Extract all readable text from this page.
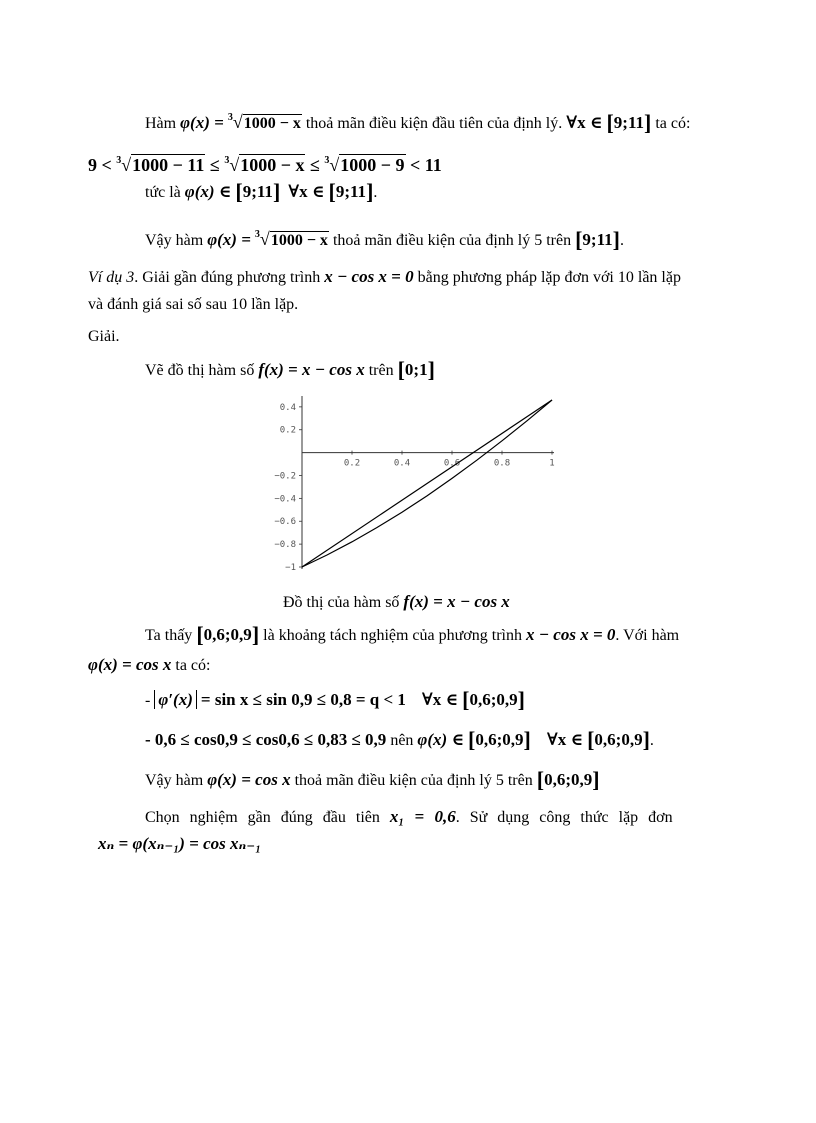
Hàm φ(x) = $^3$√1000 − x thoả mãn điều kiện đầu tiên của định lý. ∀x ∈ [9;11] ta có:
9 < $^3$√1000 − 11 ≤ $^3$√1000 − x ≤ $^3$√1000 − 9 < 11
tức là φ(x) ∈ [9;11] ∀x ∈ [9;11].
Vậy hàm φ(x) = $^3$√1000 − x thoả mãn điều kiện của định lý 5 trên [9;11].
Ví dụ 3. Giải gần đúng phương trình x − cos x = 0 bằng phương pháp lặp đơn với 10 lần lặp
và đánh giá sai số sau 10 lần lặp.
Giải.
Vẽ đồ thị hàm số f(x) = x − cos x trên [0;1]
0.2	0.4	0.6	0.8	1
0.4
0.2
−0.2
−0.4
−0.6
−0.8
−1
Đồ thị của hàm số f(x) = x − cos x
Ta thấy [0,6;0,9] là khoảng tách nghiệm của phương trình x − cos x = 0. Với hàm
φ(x) = cos x ta có:
- φ′(x) = sin x ≤ sin 0,9 ≤ 0,8 = q < 1 ∀x ∈ [0,6;0,9]
- 0,6 ≤ cos0,9 ≤ cos0,6 ≤ 0,83 ≤ 0,9 nên φ(x) ∈ [0,6;0,9] ∀x ∈ [0,6;0,9].
Vậy hàm φ(x) = cos x thoả mãn điều kiện của định lý 5 trên [0,6;0,9]
Chọn nghiệm gần đúng đầu tiên x₁ = 0,6. Sử dụng công thức lặp đơn
xₙ = φ(xₙ₋₁) = cos xₙ₋₁
